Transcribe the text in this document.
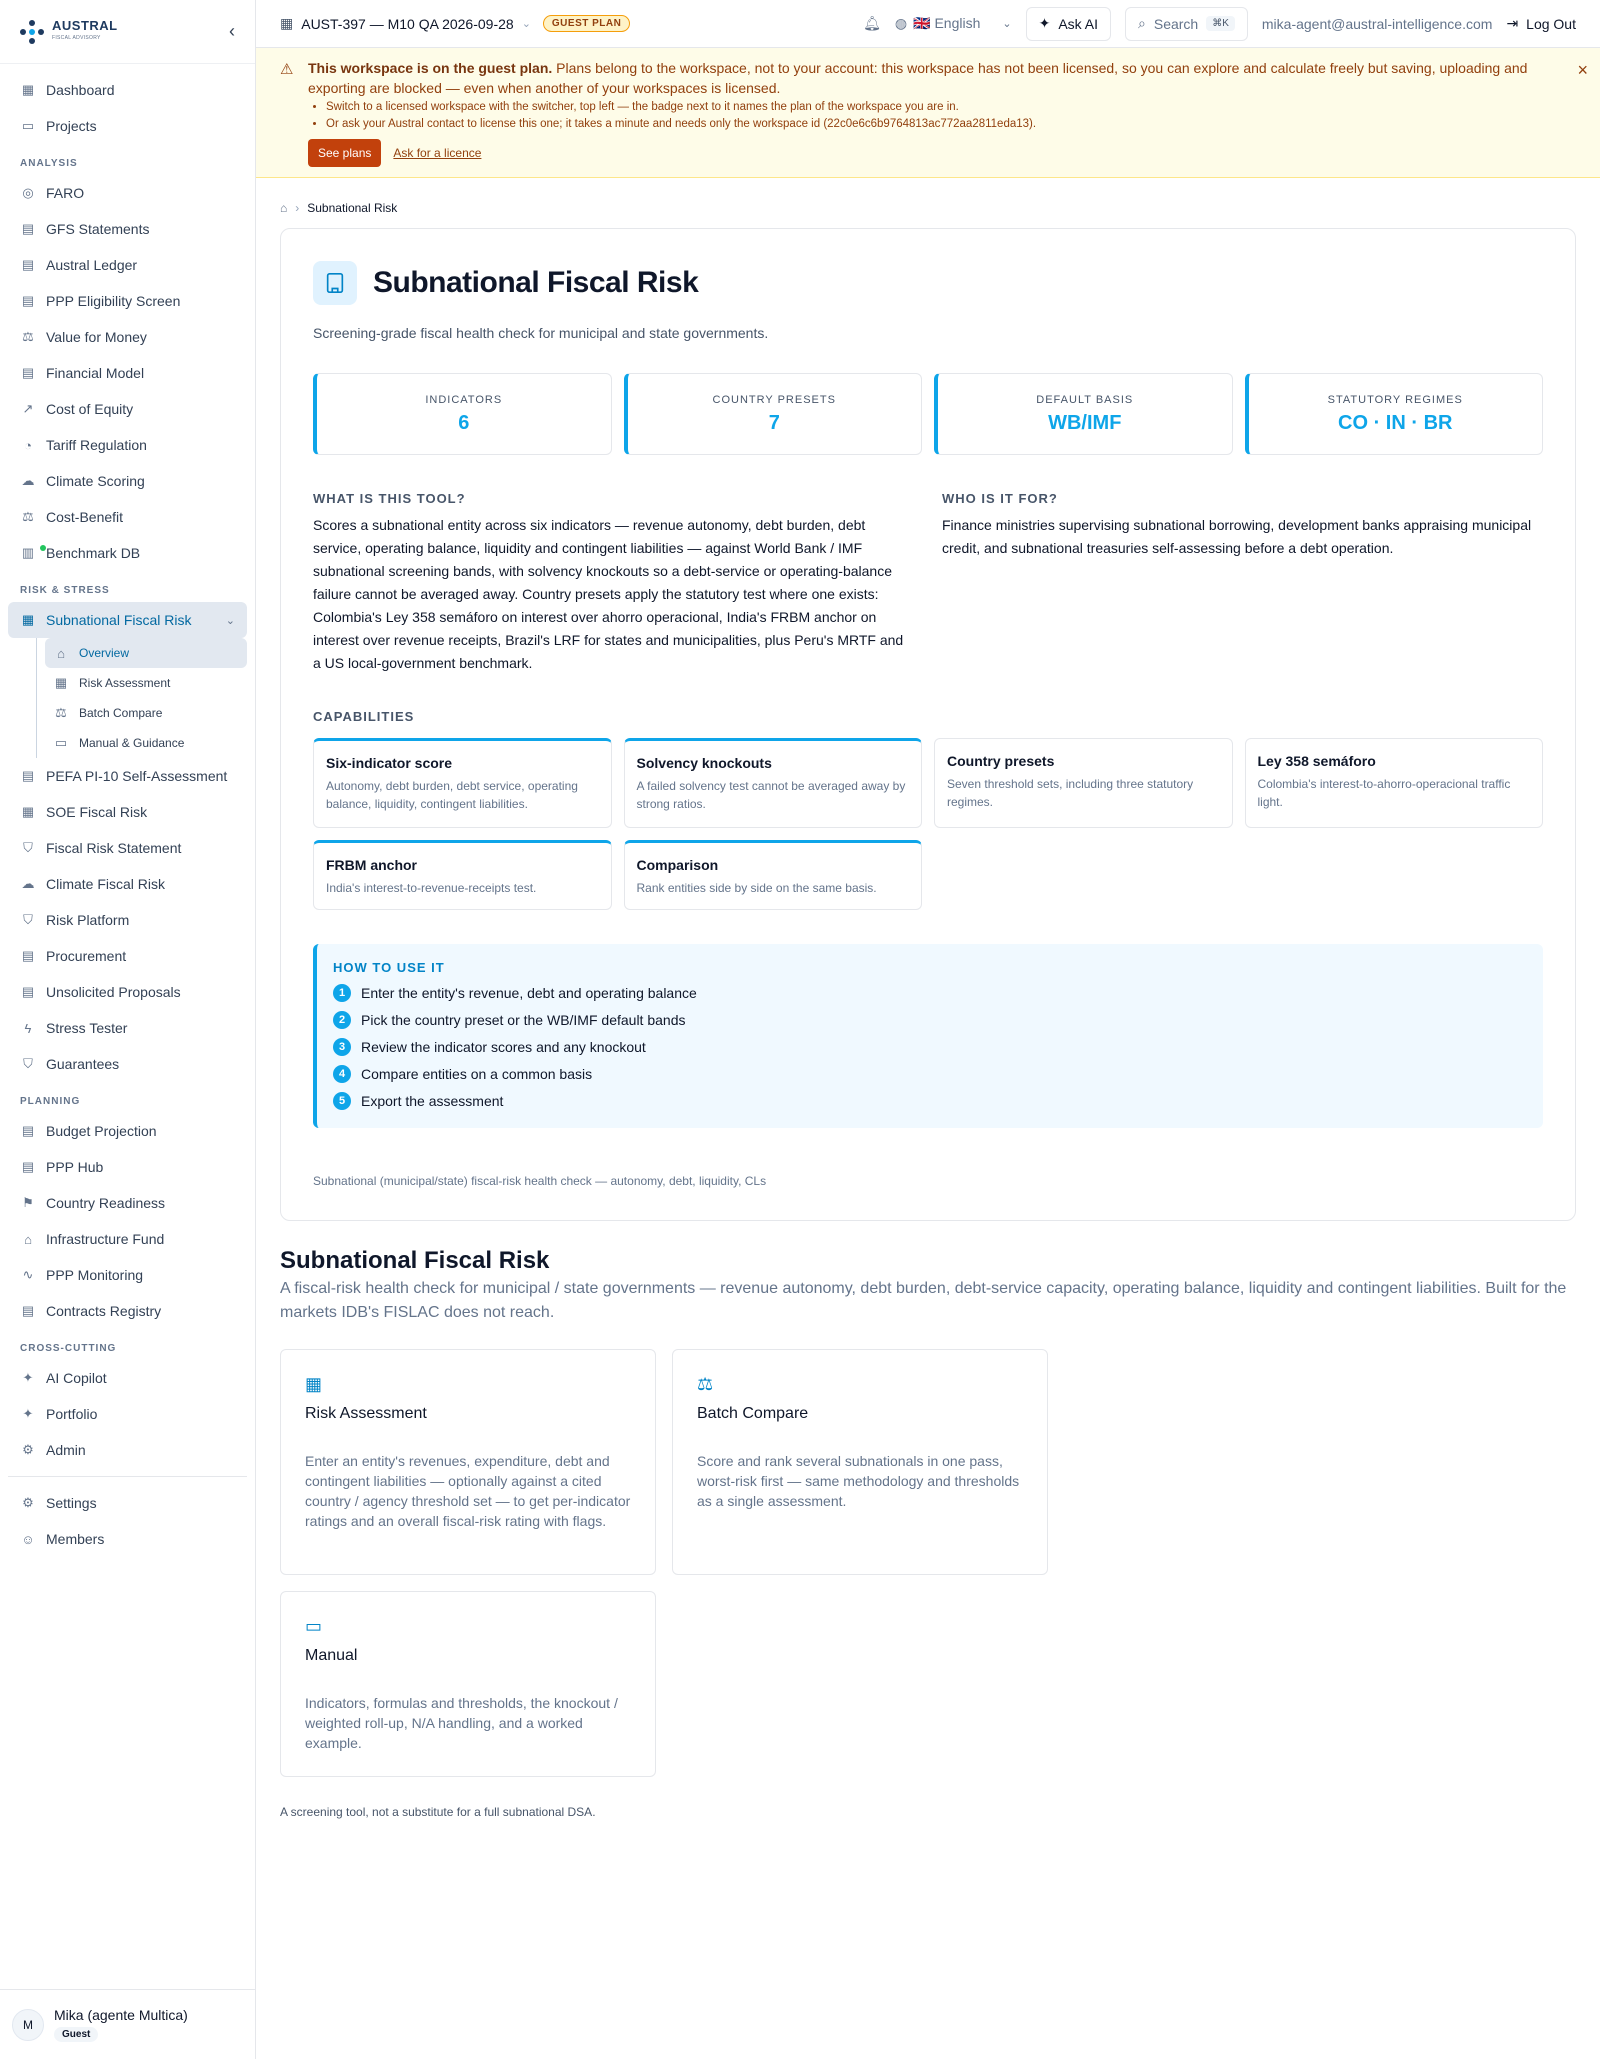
AUSTRAL
FISCAL ADVISORY	‹
▦ Dashboard
▭ Projects
ANALYSIS
◎ FARO
▤ GFS Statements
▤ Austral Ledger
▤ PPP Eligibility Screen
⚖ Value for Money
▤ Financial Model
↗ Cost of Equity
◔ Tariff Regulation
☁ Climate Scoring
⚖ Cost-Benefit
▥ Benchmark DB
RISK & STRESS
▦ Subnational Fiscal Risk	⌄
⌂	Overview
▦ Risk Assessment
⚖ Batch Compare
▭ Manual & Guidance
▤ PEFA PI-10 Self-Assessment
▦ SOE Fiscal Risk
⛉ Fiscal Risk Statement
☁ Climate Fiscal Risk
⛉ Risk Platform
▤ Procurement
▤ Unsolicited Proposals
ϟ	Stress Tester
⛉ Guarantees
PLANNING
▤ Budget Projection
▤ PPP Hub
⚑ Country Readiness
⌂ Infrastructure Fund
∿ PPP Monitoring
▤ Contracts Registry
CROSS-CUTTING
✦ AI Copilot
✦ Portfolio
⚙ Admin
⚙ Settings
☺ Members
M
Mika (agente Multica)
Guest
▦ AUST-397 — M10 QA 2026-09-28 ⌄	GUEST PLAN	🔔︎ ◍ 🇬🇧 English ⌄ ✦ Ask AI	⌕ Search	⌘K	mika-agent@austral-intelligence.com ⇥ Log Out
⚠ This workspace is on the guest plan. Plans belong to the workspace, not to your account: this workspace has not been licensed, so you can explore and calculate freely but saving, uploading and exporting are blocked — even when another of your workspaces is licensed.
• Switch to a licensed workspace with the switcher, top left — the badge next to it names the plan of the workspace you are in.
• Or ask your Austral contact to license this one; it takes a minute and needs only the workspace id (22c0e6c6b9764813ac772aa2811eda13).
See plans	Ask for a licence
×
⌂ › Subnational Risk
Subnational Fiscal Risk

Screening-grade fiscal health check for municipal and state governments.

INDICATORS
6
COUNTRY PRESETS
7
DEFAULT BASIS
WB/IMF
STATUTORY REGIMES
CO · IN · BR
WHAT IS THIS TOOL?

Scores a subnational entity across six indicators — revenue autonomy, debt burden, debt service, operating balance, liquidity and contingent liabilities — against World Bank / IMF subnational screening bands, with solvency knockouts so a debt-service or operating-balance failure cannot be averaged away. Country presets apply the statutory test where one exists: Colombia's Ley 358 semáforo on interest over ahorro operacional, India's FRBM anchor on interest over revenue receipts, Brazil's LRF for states and municipalities, plus Peru's MRTF and a US local-government benchmark.

WHO IS IT FOR?

Finance ministries supervising subnational borrowing, development banks appraising municipal credit, and subnational treasuries self-assessing before a debt operation.

CAPABILITIES
Six-indicator score
Autonomy, debt burden, debt service, operating balance, liquidity, contingent liabilities.
Solvency knockouts
A failed solvency test cannot be averaged away by strong ratios.
Country presets
Seven threshold sets, including three statutory regimes.
Ley 358 semáforo
Colombia's interest-to-ahorro-operacional traffic light.
FRBM anchor
India's interest-to-revenue-receipts test.
Comparison
Rank entities side by side on the same basis.
HOW TO USE IT
1	Enter the entity's revenue, debt and operating balance
2	Pick the country preset or the WB/IMF default bands
3	Review the indicator scores and any knockout
4	Compare entities on a common basis
5	Export the assessment

Subnational (municipal/state) fiscal-risk health check — autonomy, debt, liquidity, CLs

Subnational Fiscal Risk

A fiscal-risk health check for municipal / state governments — revenue autonomy, debt burden, debt-service capacity, operating balance, liquidity and contingent liabilities. Built for the markets IDB's FISLAC does not reach.

▦
Risk Assessment
Enter an entity's revenues, expenditure, debt and contingent liabilities — optionally against a cited country / agency threshold set — to get per-indicator ratings and an overall fiscal-risk rating with flags.
⚖
Batch Compare
Score and rank several subnationals in one pass, worst-risk first — same methodology and thresholds as a single assessment.
▭
Manual
Indicators, formulas and thresholds, the knockout / weighted roll-up, N/A handling, and a worked example.

A screening tool, not a substitute for a full subnational DSA.
